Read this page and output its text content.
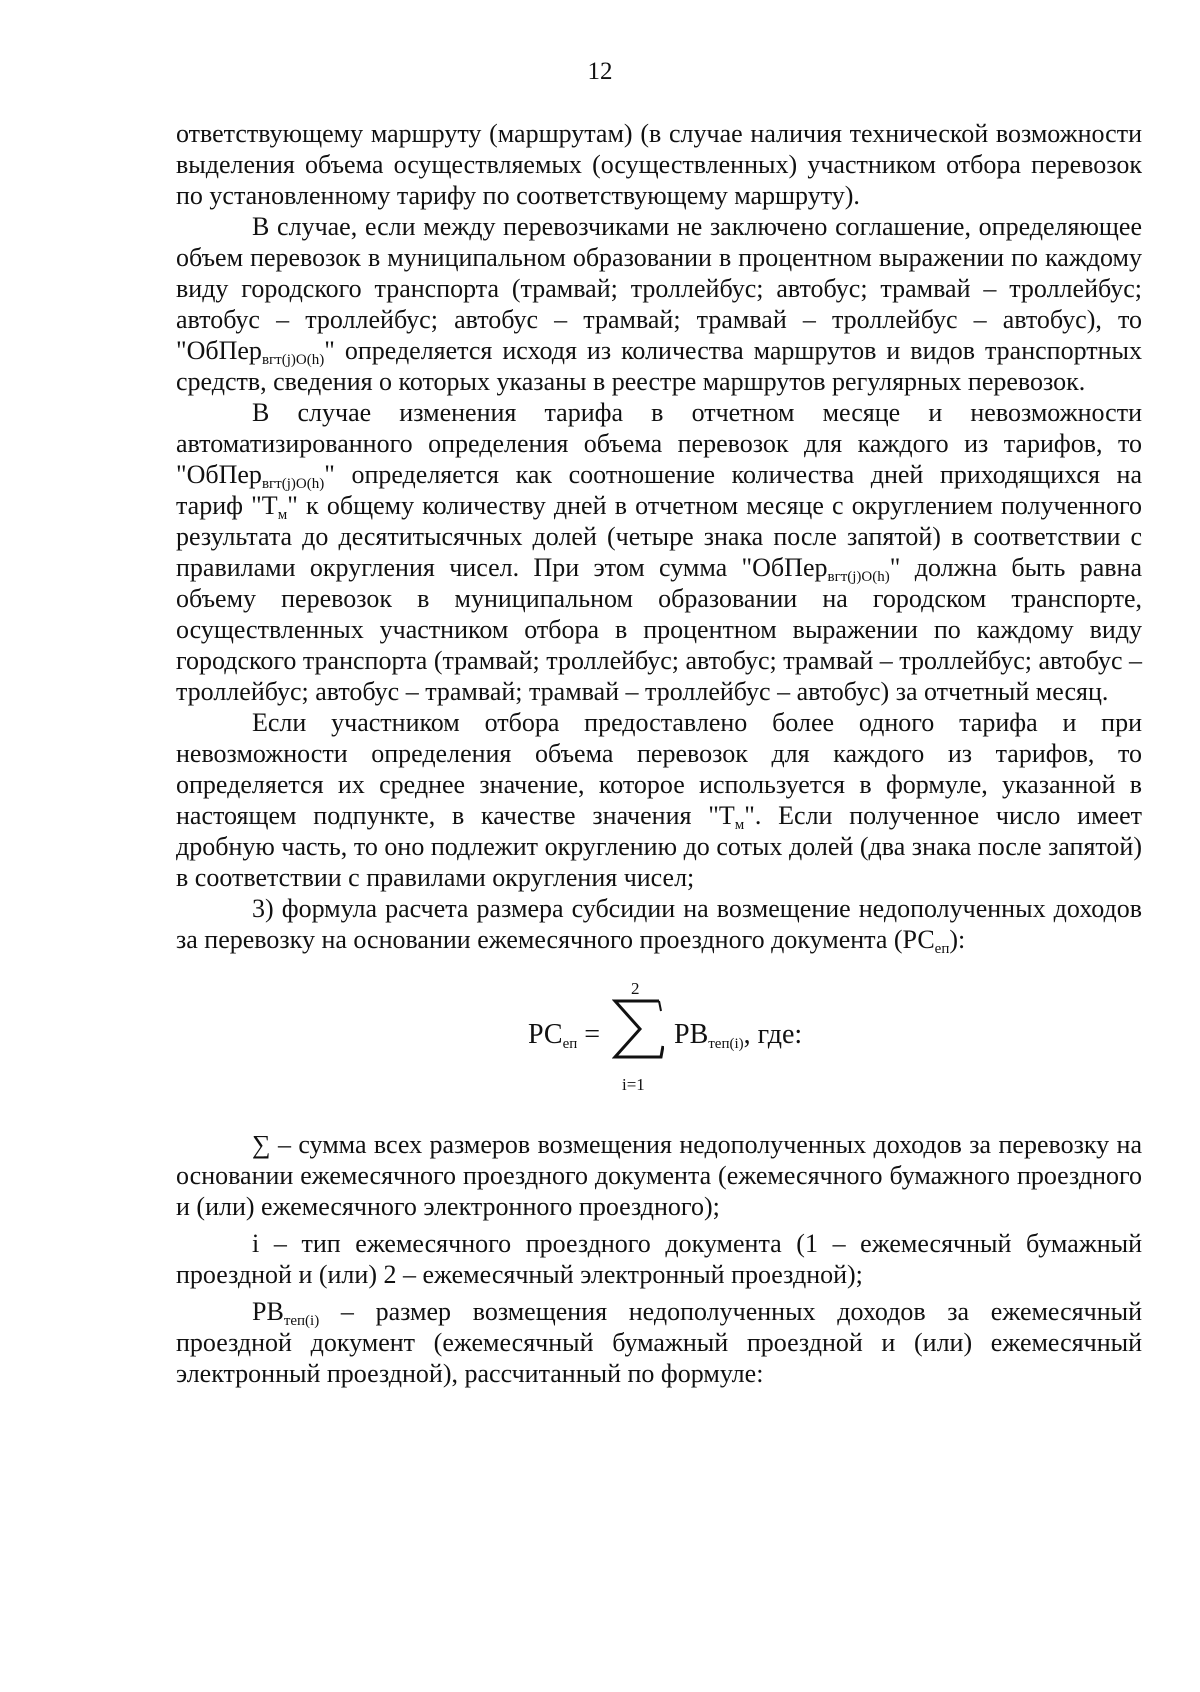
12

ответствующему маршруту (маршрутам) (в случае наличия технической возможности выделения объема осуществляемых (осуществленных) участником отбора перевозок по установленному тарифу по соответствующему маршруту).

В случае, если между перевозчиками не заключено соглашение, определяющее объем перевозок в муниципальном образовании в процентном выражении по каждому виду городского транспорта (трамвай; троллейбус; автобус; трамвай – троллейбус; автобус – троллейбус; автобус – трамвай; трамвай – троллейбус – автобус), то "ОбПер$_{вгт(j)О(h)}$" определяется исходя из количества маршрутов и видов транспортных средств, сведения о которых указаны в реестре маршрутов регулярных перевозок.

В случае изменения тарифа в отчетном месяце и невозможности автоматизированного определения объема перевозок для каждого из тарифов, то "ОбПер$_{вгт(j)О(h)}$" определяется как соотношение количества дней приходящихся на тариф "$Т_м$" к общему количеству дней в отчетном месяце с округлением полученного результата до десятитысячных долей (четыре знака после запятой) в соответствии с правилами округления чисел. При этом сумма "ОбПер$_{вгт(j)О(h)}$" должна быть равна объему перевозок в муниципальном образовании на городском транспорте, осуществленных участником отбора в процентном выражении по каждому виду городского транспорта (трамвай; троллейбус; автобус; трамвай – троллейбус; автобус – троллейбус; автобус – трамвай; трамвай – троллейбус – автобус) за отчетный месяц.

Если участником отбора предоставлено более одного тарифа и при невозможности определения объема перевозок для каждого из тарифов, то определяется их среднее значение, которое используется в формуле, указанной в настоящем подпункте, в качестве значения "$Т_м$". Если полученное число имеет дробную часть, то оно подлежит округлению до сотых долей (два знака после запятой) в соответствии с правилами округления чисел;

3) формула расчета размера субсидии на возмещение недополученных доходов за перевозку на основании ежемесячного проездного документа $(РС_{еп})$:

2
$РС_{еп}$ =
i=1
$РВ_{теп(i)}$, где:

∑ – сумма всех размеров возмещения недополученных доходов за перевозку на основании ежемесячного проездного документа (ежемесячного бумажного проездного и (или) ежемесячного электронного проездного);

i – тип ежемесячного проездного документа (1 – ежемесячный бумажный проездной и (или) 2 – ежемесячный электронный проездной);

$РВ_{теп(i)}$ – размер возмещения недополученных доходов за ежемесячный проездной документ (ежемесячный бумажный проездной и (или) ежемесячный электронный проездной), рассчитанный по формуле:
